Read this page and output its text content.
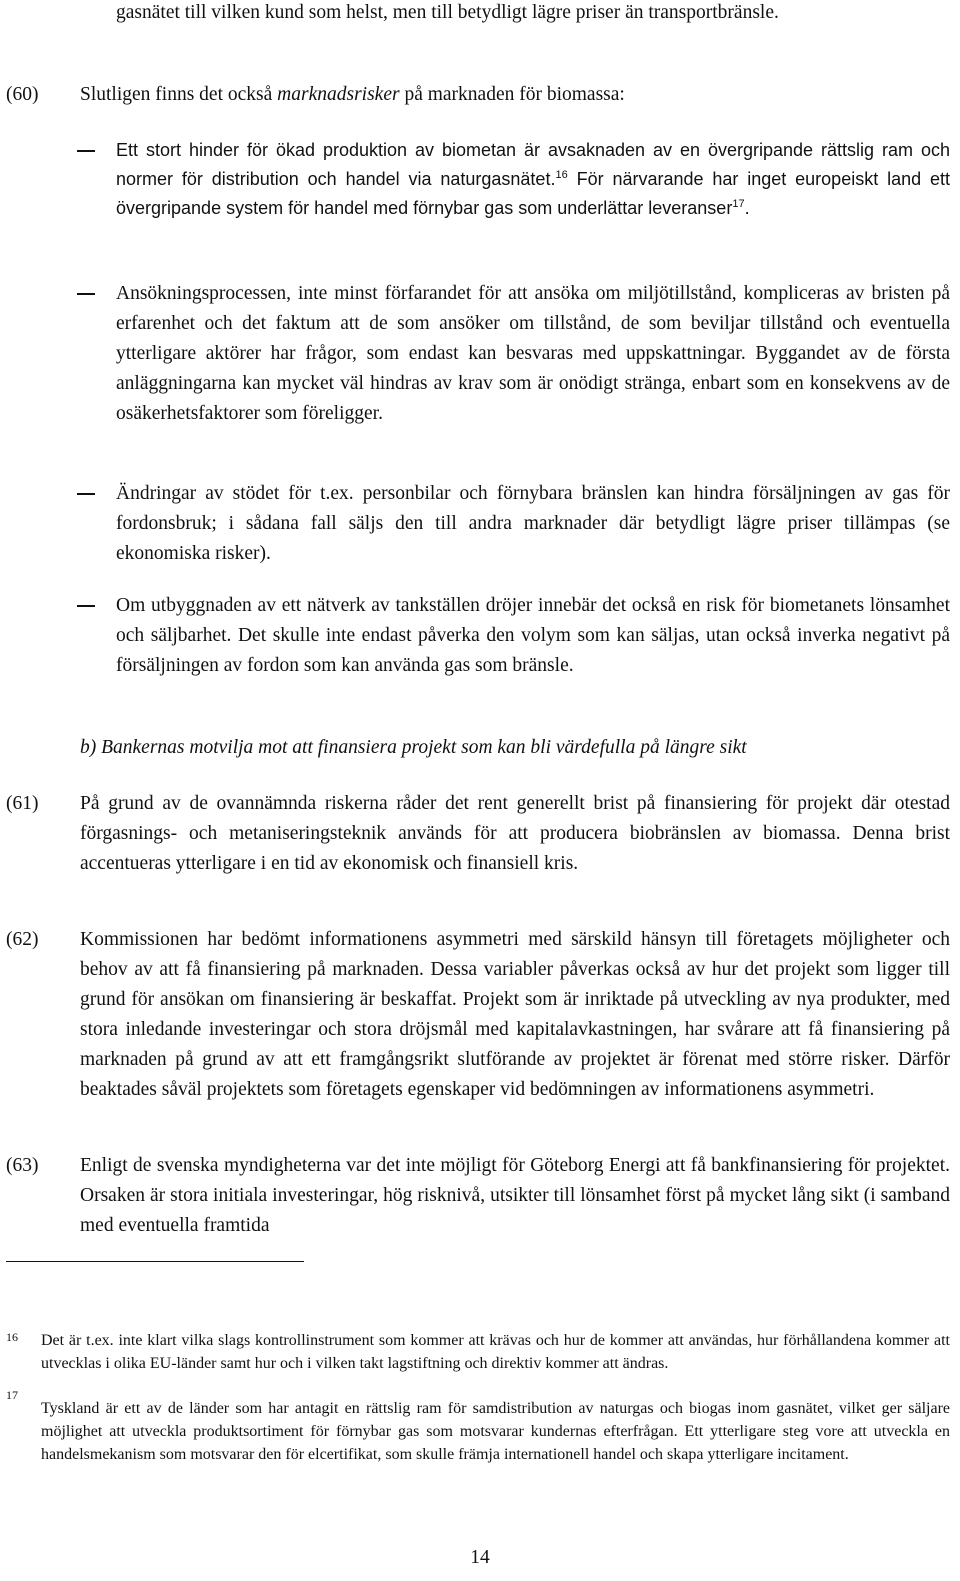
gasnätet till vilken kund som helst, men till betydligt lägre priser än transportbränsle.

(60) Slutligen finns det också marknadsrisker på marknaden för biomassa:

Ett stort hinder för ökad produktion av biometan är avsaknaden av en övergripande rättslig ram och normer för distribution och handel via naturgasnätet.$^{16}$ För närvarande har inget europeiskt land ett övergripande system för handel med förnybar gas som underlättar leveranser$^{17}$.

Ansökningsprocessen, inte minst förfarandet för att ansöka om miljötillstånd, kompliceras av bristen på erfarenhet och det faktum att de som ansöker om tillstånd, de som beviljar tillstånd och eventuella ytterligare aktörer har frågor, som endast kan besvaras med uppskattningar. Byggandet av de första anläggningarna kan mycket väl hindras av krav som är onödigt stränga, enbart som en konsekvens av de osäkerhetsfaktorer som föreligger.

Ändringar av stödet för t.ex. personbilar och förnybara bränslen kan hindra försäljningen av gas för fordonsbruk; i sådana fall säljs den till andra marknader där betydligt lägre priser tillämpas (se ekonomiska risker).

Om utbyggnaden av ett nätverk av tankställen dröjer innebär det också en risk för biometanets lönsamhet och säljbarhet. Det skulle inte endast påverka den volym som kan säljas, utan också inverka negativt på försäljningen av fordon som kan använda gas som bränsle.

b) Bankernas motvilja mot att finansiera projekt som kan bli värdefulla på längre sikt

(61) På grund av de ovannämnda riskerna råder det rent generellt brist på finansiering för projekt där otestad förgasnings- och metaniseringsteknik används för att producera biobränslen av biomassa. Denna brist accentueras ytterligare i en tid av ekonomisk och finansiell kris.

(62) Kommissionen har bedömt informationens asymmetri med särskild hänsyn till företagets möjligheter och behov av att få finansiering på marknaden. Dessa variabler påverkas också av hur det projekt som ligger till grund för ansökan om finansiering är beskaffat. Projekt som är inriktade på utveckling av nya produkter, med stora inledande investeringar och stora dröjsmål med kapitalavkastningen, har svårare att få finansiering på marknaden på grund av att ett framgångsrikt slutförande av projektet är förenat med större risker. Därför beaktades såväl projektets som företagets egenskaper vid bedömningen av informationens asymmetri.

(63) Enligt de svenska myndigheterna var det inte möjligt för Göteborg Energi att få bankfinansiering för projektet. Orsaken är stora initiala investeringar, hög risknivå, utsikter till lönsamhet först på mycket lång sikt (i samband med eventuella framtida

16 Det är t.ex. inte klart vilka slags kontrollinstrument som kommer att krävas och hur de kommer att användas, hur förhållandena kommer att utvecklas i olika EU-länder samt hur och i vilken takt lagstiftning och direktiv kommer att ändras.

17

Tyskland är ett av de länder som har antagit en rättslig ram för samdistribution av naturgas och biogas inom gasnätet, vilket ger säljare möjlighet att utveckla produktsortiment för förnybar gas som motsvarar kundernas efterfrågan. Ett ytterligare steg vore att utveckla en handelsmekanism som motsvarar den för elcertifikat, som skulle främja internationell handel och skapa ytterligare incitament.

14
